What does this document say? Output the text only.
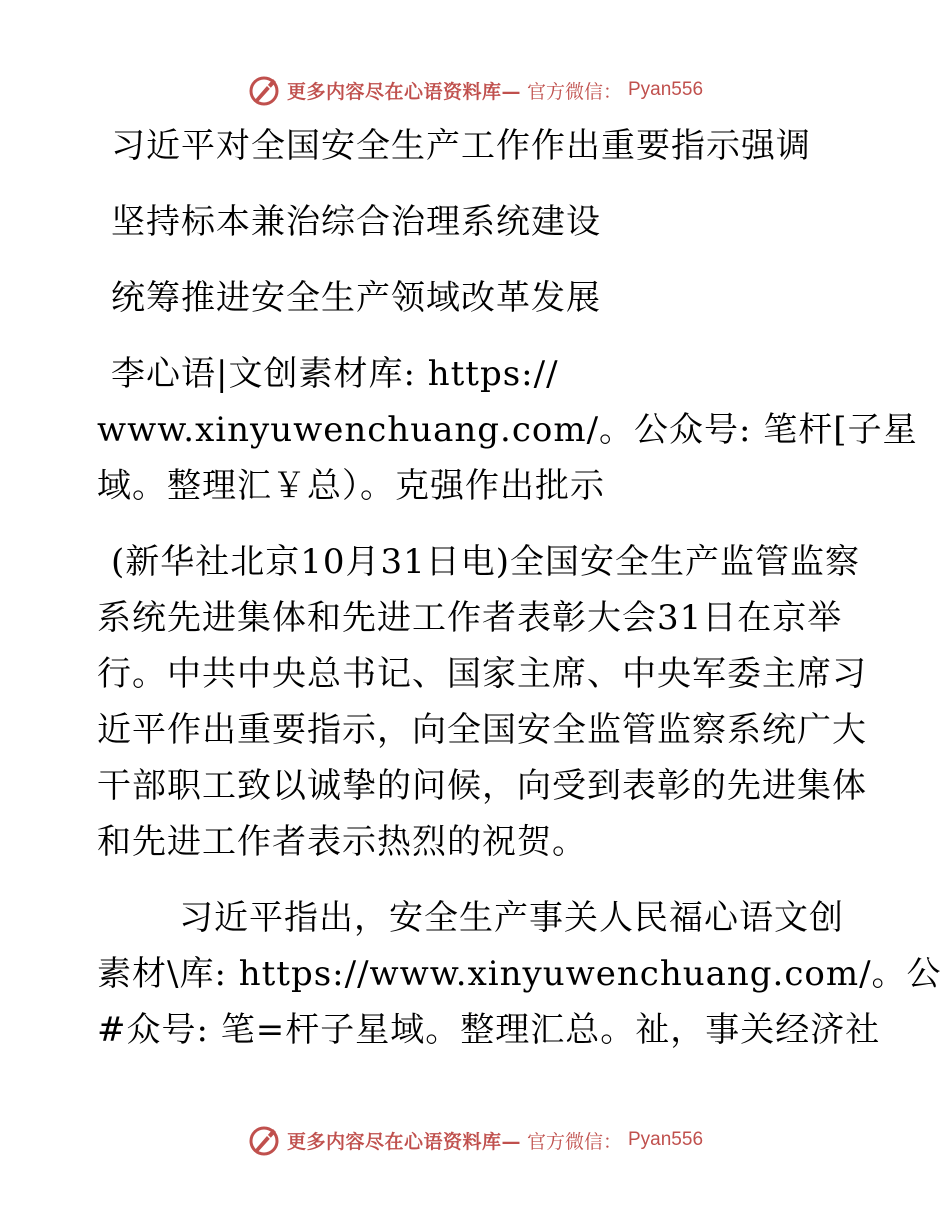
更多内容尽在心语资料库— 官方微信： Pyan556
习近平对全国安全生产工作作出重要指示强调
坚持标本兼治综合治理系统建设
统筹推进安全生产领域改革发展
李心语|文创素材库: https://
www.xinyuwenchuang.com/。公众号: 笔杆[子星
域。整理汇￥总）。克强作出批示
(新华社北京10月31日电)全国安全生产监管监察
系统先进集体和先进工作者表彰大会31日在京举
行。中共中央总书记、国家主席、中央军委主席习
近平作出重要指示，向全国安全监管监察系统广大
干部职工致以诚挚的问候，向受到表彰的先进集体
和先进工作者表示热烈的祝贺。
习近平指出，安全生产事关人民福心语文创
素材\库: https://www.xinyuwenchuang.com/。公
#众号: 笔=杆子星域。整理汇总。祉，事关经济社
更多内容尽在心语资料库— 官方微信： Pyan556
